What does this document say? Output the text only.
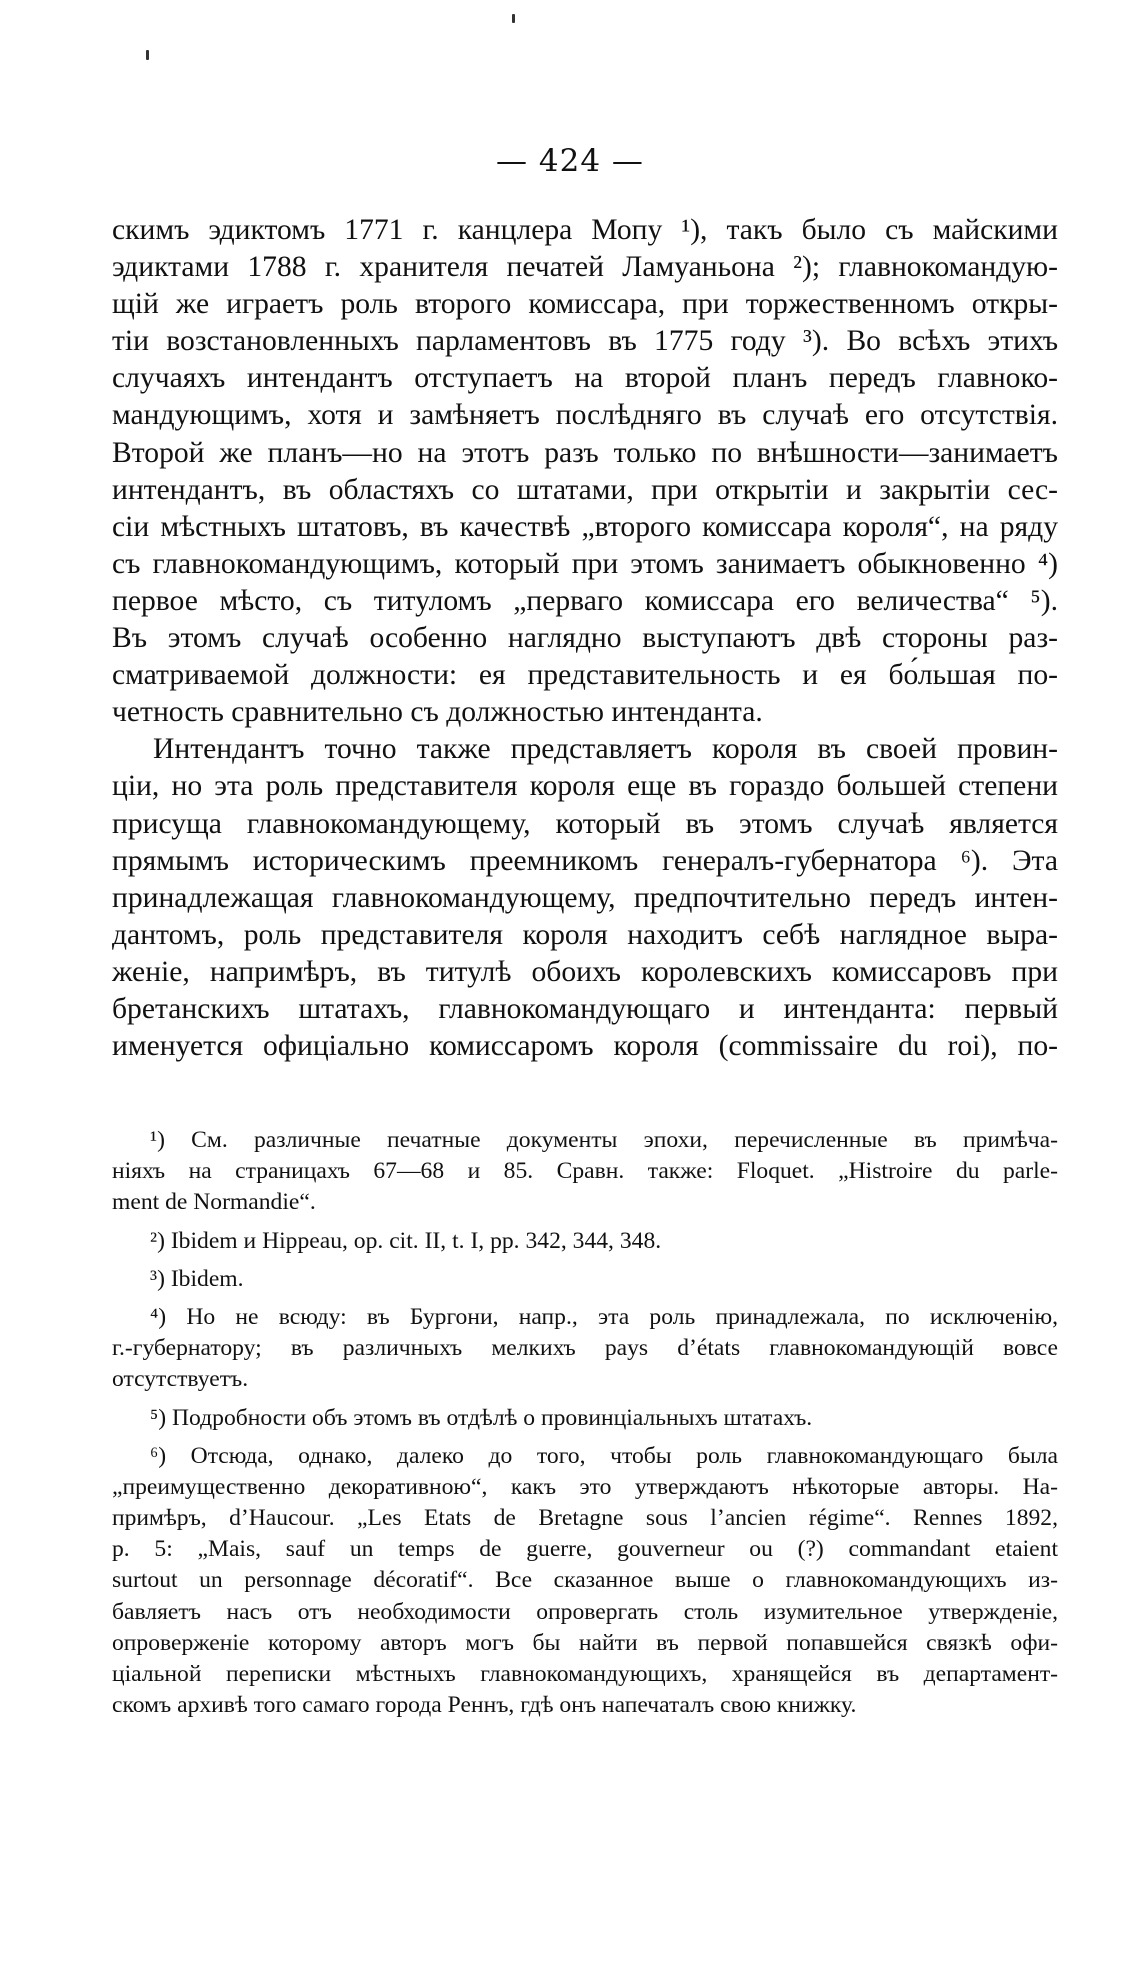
— 424 —
скимъ эдиктомъ 1771 г. канцлера Мопу ¹), такъ было съ майскими
эдиктами 1788 г. хранителя печатей Ламуаньона ²); главнокомандую-
щій же играетъ роль второго комиссара, при торжественномъ откры-
тіи возстановленныхъ парламентовъ въ 1775 году ³). Во всѣхъ этихъ
случаяхъ интендантъ отступаетъ на второй планъ передъ главноко-
мандующимъ, хотя и замѣняетъ послѣдняго въ случаѣ его отсутствія.
Второй же планъ—но на этотъ разъ только по внѣшности—занимаетъ
интендантъ, въ областяхъ со штатами, при открытіи и закрытіи сес-
сіи мѣстныхъ штатовъ, въ качествѣ „второго комиссара короля“, на ряду
съ главнокомандующимъ, который при этомъ занимаетъ обыкновенно ⁴)
первое мѣсто, съ титуломъ „перваго комиссара его величества“ ⁵).
Въ этомъ случаѣ особенно наглядно выступаютъ двѣ стороны раз-
сматриваемой должности: ея представительность и ея бо́льшая по-
четность сравнительно съ должностью интенданта.
Интендантъ точно также представляетъ короля въ своей провин-
ціи, но эта роль представителя короля еще въ гораздо большей степени
присуща главнокомандующему, который въ этомъ случаѣ является
прямымъ историческимъ преемникомъ генералъ-губернатора ⁶). Эта
принадлежащая главнокомандующему, предпочтительно передъ интен-
дантомъ, роль представителя короля находитъ себѣ наглядное выра-
женіе, напримѣръ, въ титулѣ обоихъ королевскихъ комиссаровъ при
бретанскихъ штатахъ, главнокомандующаго и интенданта: первый
именуется офиціально комиссаромъ короля (commissaire du roi), по-
¹) См. различные печатные документы эпохи, перечисленные въ примѣча-
ніяхъ на страницахъ 67—68 и 85. Сравн. также: Floquet. „Histroire du parle-
ment de Normandie“.
²) Ibidem и Hippeau, op. cit. II, t. I, pp. 342, 344, 348.
³) Ibidem.
⁴) Но не всюду: въ Бургони, напр., эта роль принадлежала, по исключенію,
г.-губернатору; въ различныхъ мелкихъ pays d’états главнокомандующій вовсе
отсутствуетъ.
⁵) Подробности объ этомъ въ отдѣлѣ о провинціальныхъ штатахъ.
⁶) Отсюда, однако, далеко до того, чтобы роль главнокомандующаго была
„преимущественно декоративною“, какъ это утверждаютъ нѣкоторые авторы. На-
примѣръ, d’Haucour. „Les Etats de Bretagne sous l’ancien régime“. Rennes 1892,
p. 5: „Mais, sauf un temps de guerre, gouverneur ou (?) commandant etaient
surtout un personnage décoratif“. Все сказанное выше о главнокомандующихъ из-
бавляетъ насъ отъ необходимости опровергать столь изумительное утвержденіе,
опроверженіе которому авторъ могъ бы найти въ первой попавшейся связкѣ офи-
ціальной переписки мѣстныхъ главнокомандующихъ, хранящейся въ департамент-
скомъ архивѣ того самаго города Реннъ, гдѣ онъ напечаталъ свою книжку.
